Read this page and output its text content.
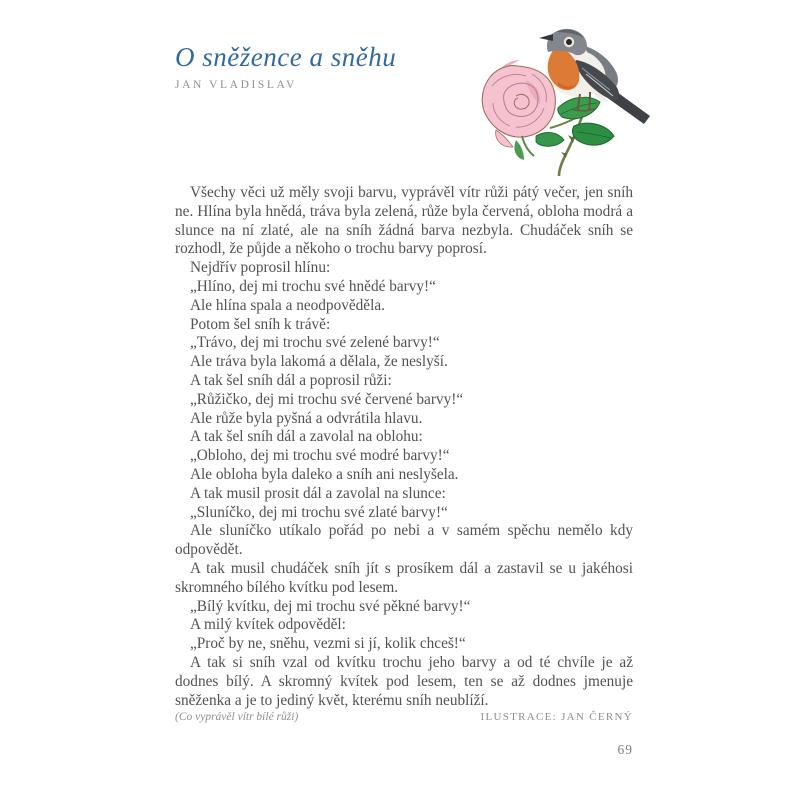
O sněžence a sněhu
JAN VLADISLAV

Všechy věci už měly svoji barvu, vyprávěl vítr růži pátý večer, jen sníh ne. Hlína byla hnědá, tráva byla zelená, růže byla červená, obloha modrá a slunce na ní zlaté, ale na sníh žádná barva nezbyla. Chudáček sníh se rozhodl, že půjde a někoho o trochu barvy poprosí.

Nejdřív poprosil hlínu:

„Hlíno, dej mi trochu své hnědé barvy!“

Ale hlína spala a neodpověděla.

Potom šel sníh k trávě:

„Trávo, dej mi trochu své zelené barvy!“

Ale tráva byla lakomá a dělala, že neslyší.

A tak šel sníh dál a poprosil růži:

„Růžičko, dej mi trochu své červené barvy!“

Ale růže byla pyšná a odvrátila hlavu.

A tak šel sníh dál a zavolal na oblohu:

„Obloho, dej mi trochu své modré barvy!“

Ale obloha byla daleko a sníh ani neslyšela.

A tak musil prosit dál a zavolal na slunce:

„Sluníčko, dej mi trochu své zlaté barvy!“

Ale sluníčko utíkalo pořád po nebi a v samém spěchu nemělo kdy odpovědět.

A tak musil chudáček sníh jít s prosíkem dál a zastavil se u jakéhosi skromného bílého kvítku pod lesem.

„Bílý kvítku, dej mi trochu své pěkné barvy!“

A milý kvítek odpověděl:

„Proč by ne, sněhu, vezmi si jí, kolik chceš!“

A tak si sníh vzal od kvítku trochu jeho barvy a od té chvíle je až dodnes bílý. A skromný kvítek pod lesem, ten se až dodnes jmenuje sněženka a je to jediný květ, kterému sníh neublíží.

(Co vyprávěl vítr bílé růži)	ILUSTRACE: JAN ČERNÝ
69
